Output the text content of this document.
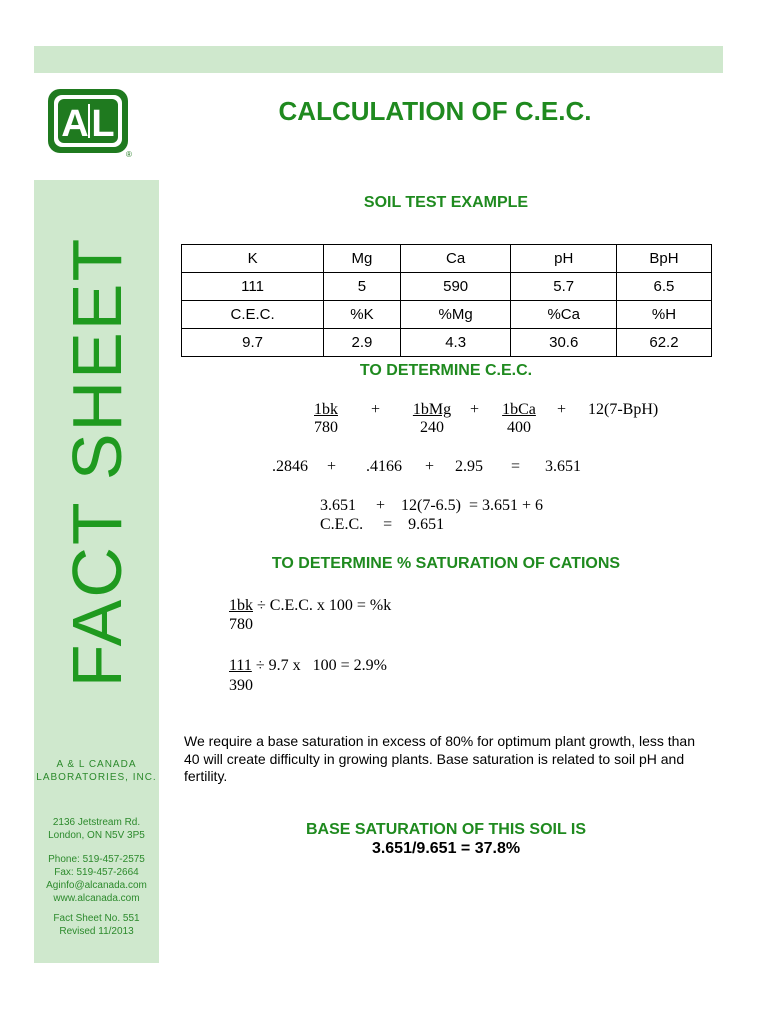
A L
®
CALCULATION OF C.E.C.
FACT SHEET
A & L CANADA
LABORATORIES, INC.
2136 Jetstream Rd.
London, ON N5V 3P5
Phone: 519-457-2575
Fax: 519-457-2664
Aginfo@alcanada.com
www.alcanada.com
Fact Sheet No. 551
Revised 11/2013
SOIL TEST EXAMPLE
K	Mg	Ca	pH	BpH
111	5	590	5.7	6.5
C.E.C.	%K	%Mg	%Ca	%H
9.7	2.9	4.3	30.6	62.2
TO DETERMINE C.E.C.
$\frac{1bk}{780}$ +	1bMg
240
+	1bCa
400
+ 12(7-BpH)
.2846 + .4166 + 2.95 = 3.651
3.651     +    12(7-6.5)  = 3.651 + 6
C.E.C.     =    9.651
TO DETERMINE % SATURATION OF CATIONS
1bk ÷ C.E.C. x 100 = %k
780
111 ÷ 9.7 x   100 = 2.9%
390
We require a base saturation in excess of 80% for optimum plant growth, less than 40 will create difficulty in growing plants. Base saturation is related to soil pH and fertility.
BASE SATURATION OF THIS SOIL IS
3.651/9.651 = 37.8%
